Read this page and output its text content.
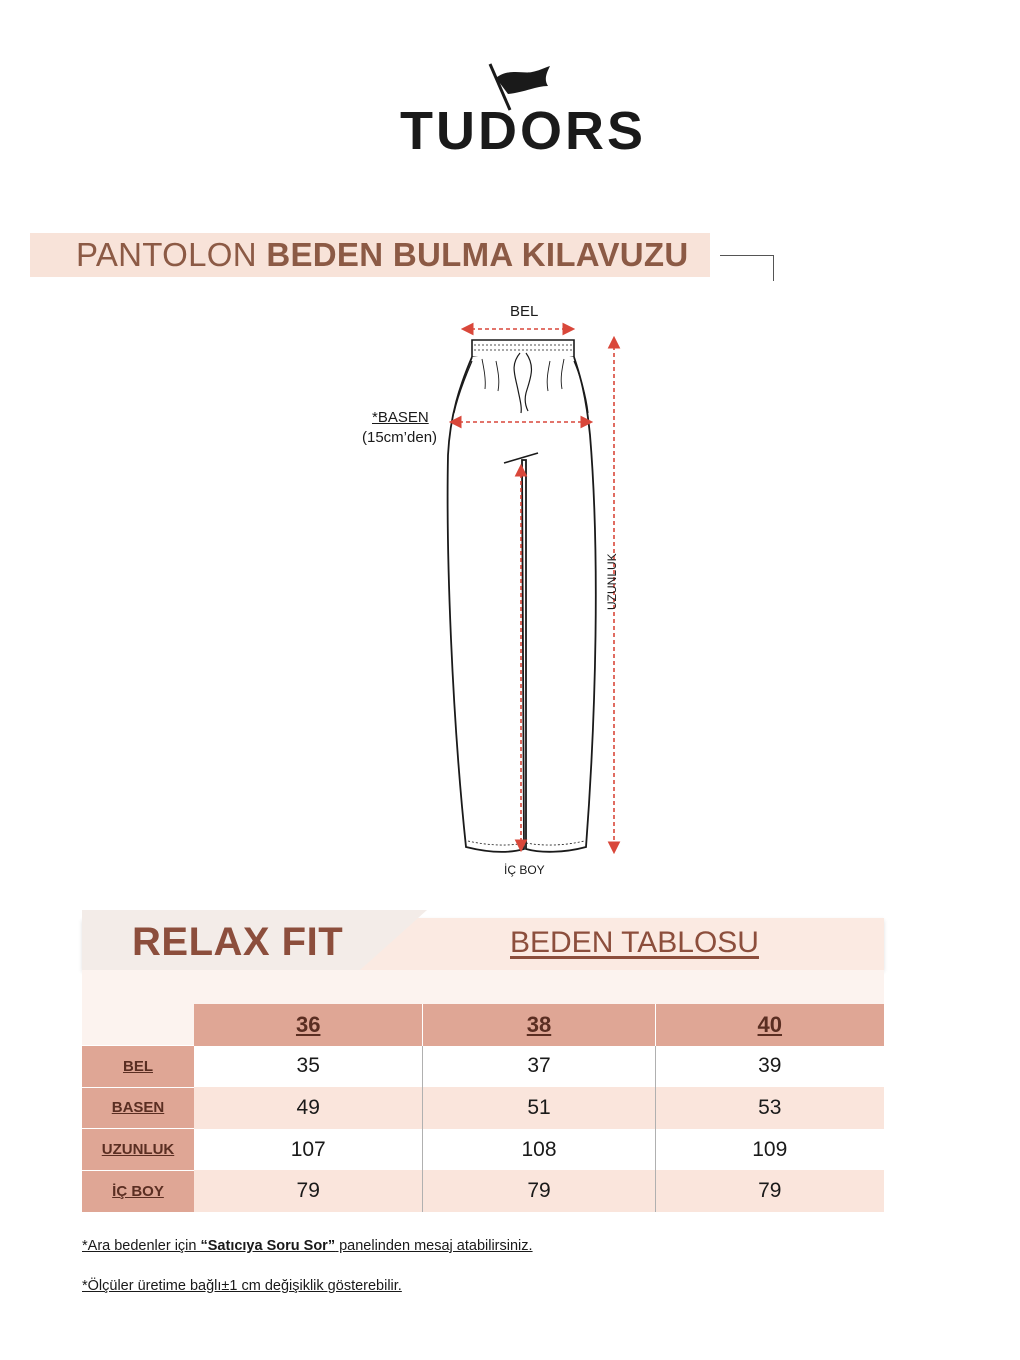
TUDORS
PANTOLON BEDEN BULMA KILAVUZU
BEL
*BASEN
(15cm’den)
İÇ BOY
UZUNLUK
RELAX FIT	BEDEN TABLOSU
	36	38	40
BEL	35	37	39
BASEN	49	51	53
UZUNLUK	107	108	109
İÇ BOY	79	79	79
*Ara bedenler için “Satıcıya Soru Sor” panelinden mesaj atabilirsiniz.
*Ölçüler üretime bağlı±1 cm değişiklik gösterebilir.
